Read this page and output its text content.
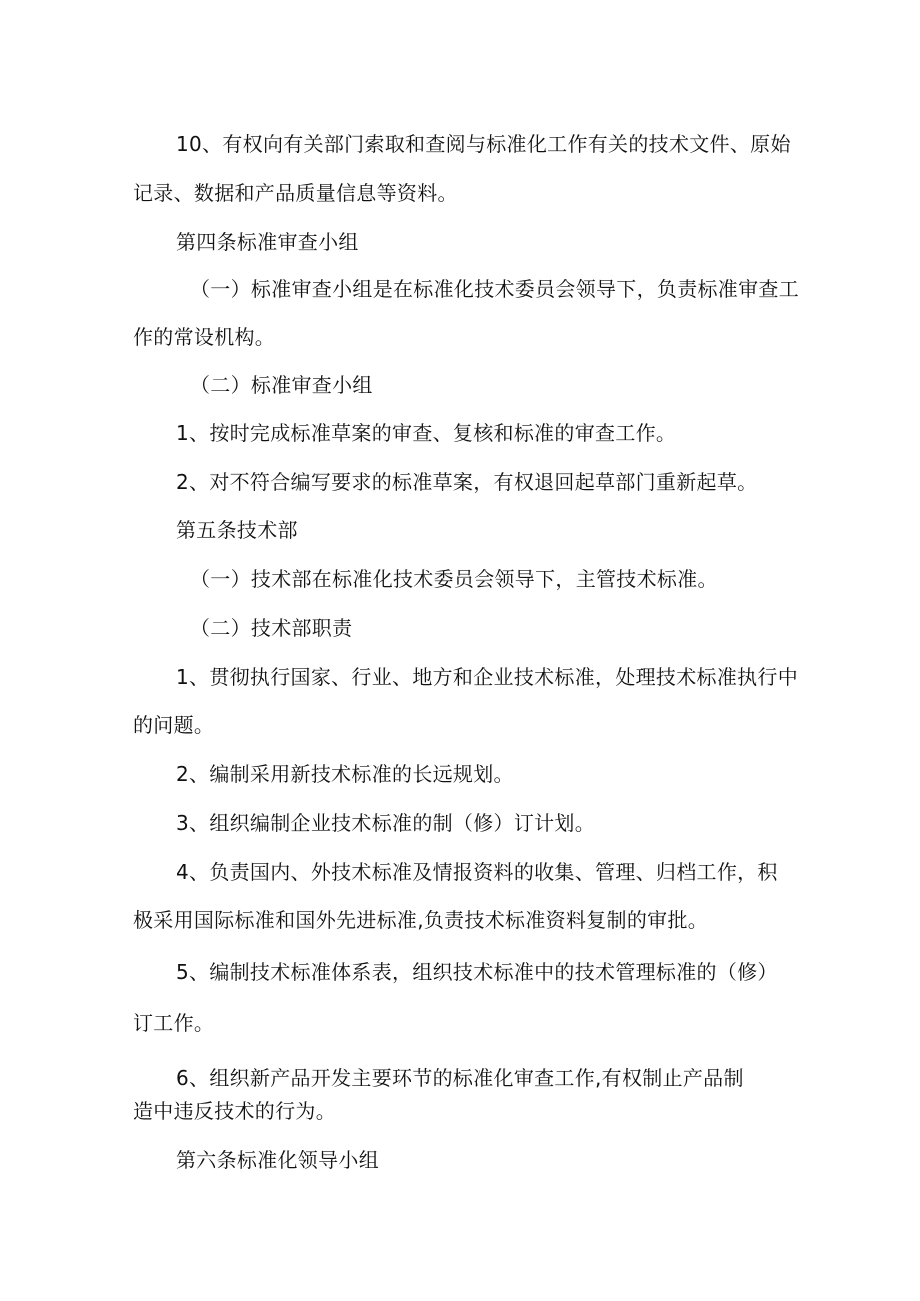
10、有权向有关部门索取和查阅与标准化工作有关的技术文件、原始
记录、数据和产品质量信息等资料。
第四条标准审查小组
（一）标准审查小组是在标准化技术委员会领导下，负责标准审查工
作的常设机构。
（二）标准审查小组
1、按时完成标准草案的审查、复核和标准的审查工作。
2、对不符合编写要求的标准草案，有权退回起草部门重新起草。
第五条技术部
（一）技术部在标准化技术委员会领导下，主管技术标准。
（二）技术部职责
1、贯彻执行国家、行业、地方和企业技术标准，处理技术标准执行中
的问题。
2、编制采用新技术标准的长远规划。
3、组织编制企业技术标准的制（修）订计划。
4、负责国内、外技术标准及情报资料的收集、管理、归档工作，积
极采用国际标准和国外先进标准,负责技术标准资料复制的审批。
5、编制技术标准体系表，组织技术标准中的技术管理标准的（修）
订工作。
6、组织新产品开发主要环节的标准化审查工作,有权制止产品制
造中违反技术的行为。
第六条标准化领导小组
